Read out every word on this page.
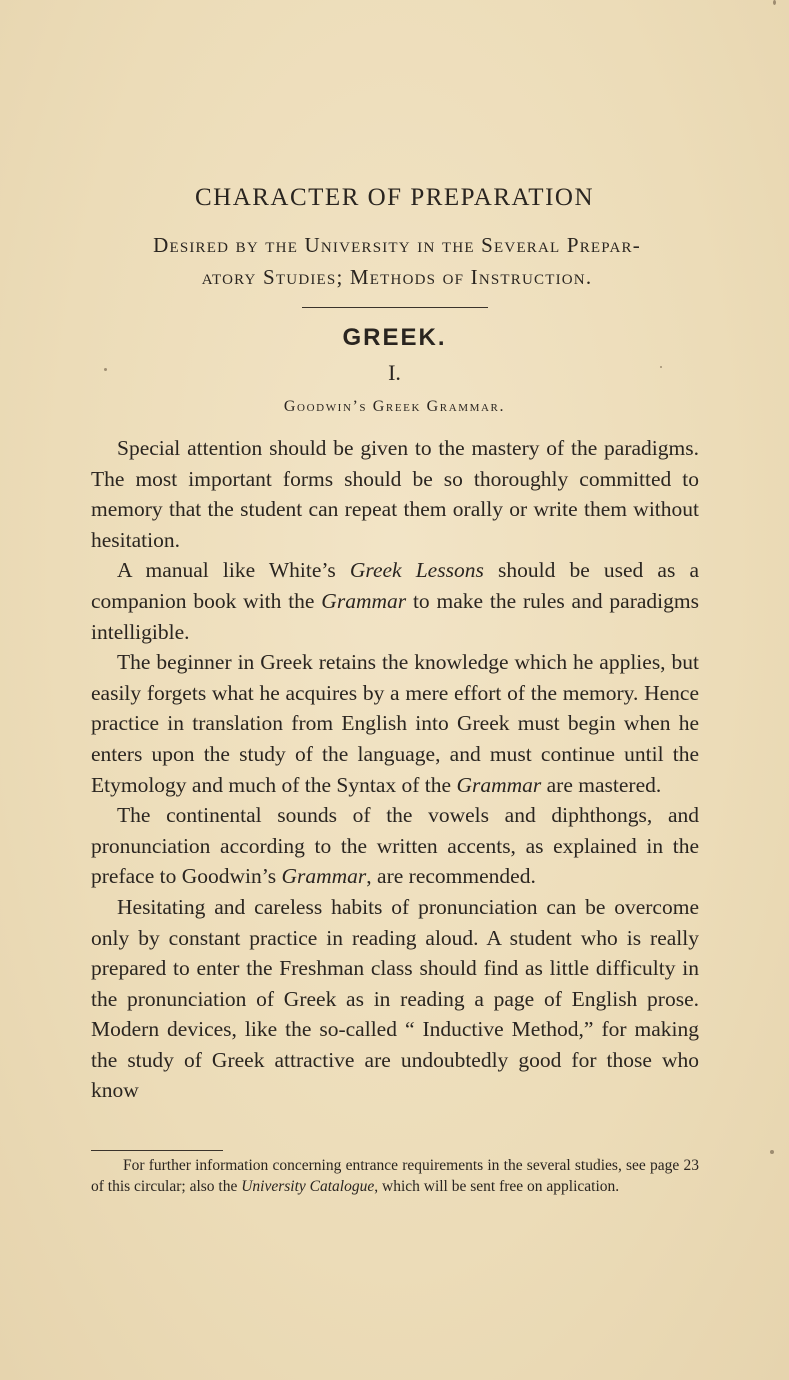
CHARACTER OF PREPARATION
Desired by the University in the Several Prepar-
atory Studies; Methods of Instruction.
GREEK.
I.
Goodwin’s Greek Grammar.

Special attention should be given to the mastery of the paradigms. The most important forms should be so thoroughly committed to memory that the student can repeat them orally or write them without hesitation.

A manual like White’s Greek Lessons should be used as a companion book with the Grammar to make the rules and paradigms intelligible.

The beginner in Greek retains the knowledge which he applies, but easily forgets what he acquires by a mere effort of the memory. Hence practice in translation from English into Greek must begin when he enters upon the study of the language, and must continue until the Etymology and much of the Syntax of the Grammar are mastered.

The continental sounds of the vowels and diphthongs, and pronunciation according to the written accents, as explained in the preface to Goodwin’s Grammar, are recommended.

Hesitating and careless habits of pronunciation can be overcome only by constant practice in reading aloud. A student who is really prepared to enter the Freshman class should find as little difficulty in the pronunciation of Greek as in reading a page of English prose. Modern devices, like the so-called “ Inductive Method,” for making the study of Greek attractive are undoubtedly good for those who know

For further information concerning entrance requirements in the several studies, see page 23 of this circular; also the University Catalogue, which will be sent free on application.
